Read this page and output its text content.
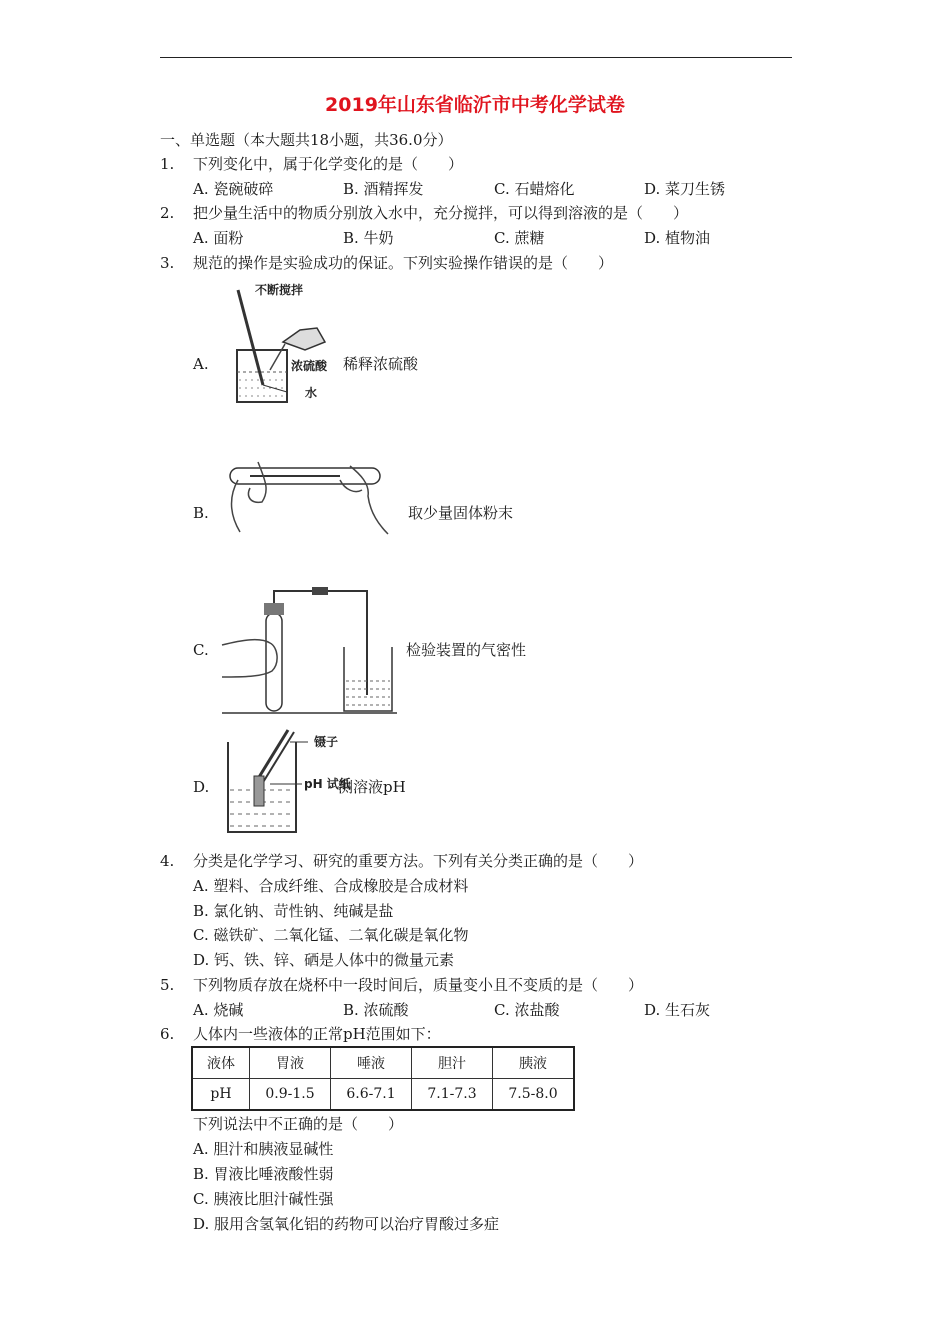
2019年山东省临沂市中考化学试卷
一、单选题（本大题共18小题，共36.0分）
1. 下列变化中，属于化学变化的是（　　）
A. 瓷碗破碎	B. 酒精挥发	C. 石蜡熔化	D. 菜刀生锈
2. 把少量生活中的物质分别放入水中，充分搅拌，可以得到溶液的是（　　）
A. 面粉	B. 牛奶	C. 蔗糖	D. 植物油
3. 规范的操作是实验成功的保证。下列实验操作错误的是（　　）
A.
不断搅拌
浓硫酸
水
稀释浓硫酸
B.	取少量固体粉末
C.	检验装置的气密性
D.
镊子
pH 试纸
测溶液pH
4. 分类是化学学习、研究的重要方法。下列有关分类正确的是（　　）
A. 塑料、合成纤维、合成橡胶是合成材料
B. 氯化钠、苛性钠、纯碱是盐
C. 磁铁矿、二氧化锰、二氧化碳是氧化物
D. 钙、铁、锌、硒是人体中的微量元素
5. 下列物质存放在烧杯中一段时间后，质量变小且不变质的是（　　）
A. 烧碱	B. 浓硫酸	C. 浓盐酸	D. 生石灰
6. 人体内一些液体的正常pH范围如下：
液体	胃液	唾液	胆汁	胰液
pH	0.9-1.5	6.6-7.1	7.1-7.3	7.5-8.0
下列说法中不正确的是（　　）
A. 胆汁和胰液显碱性
B. 胃液比唾液酸性弱
C. 胰液比胆汁碱性强
D. 服用含氢氧化铝的药物可以治疗胃酸过多症
